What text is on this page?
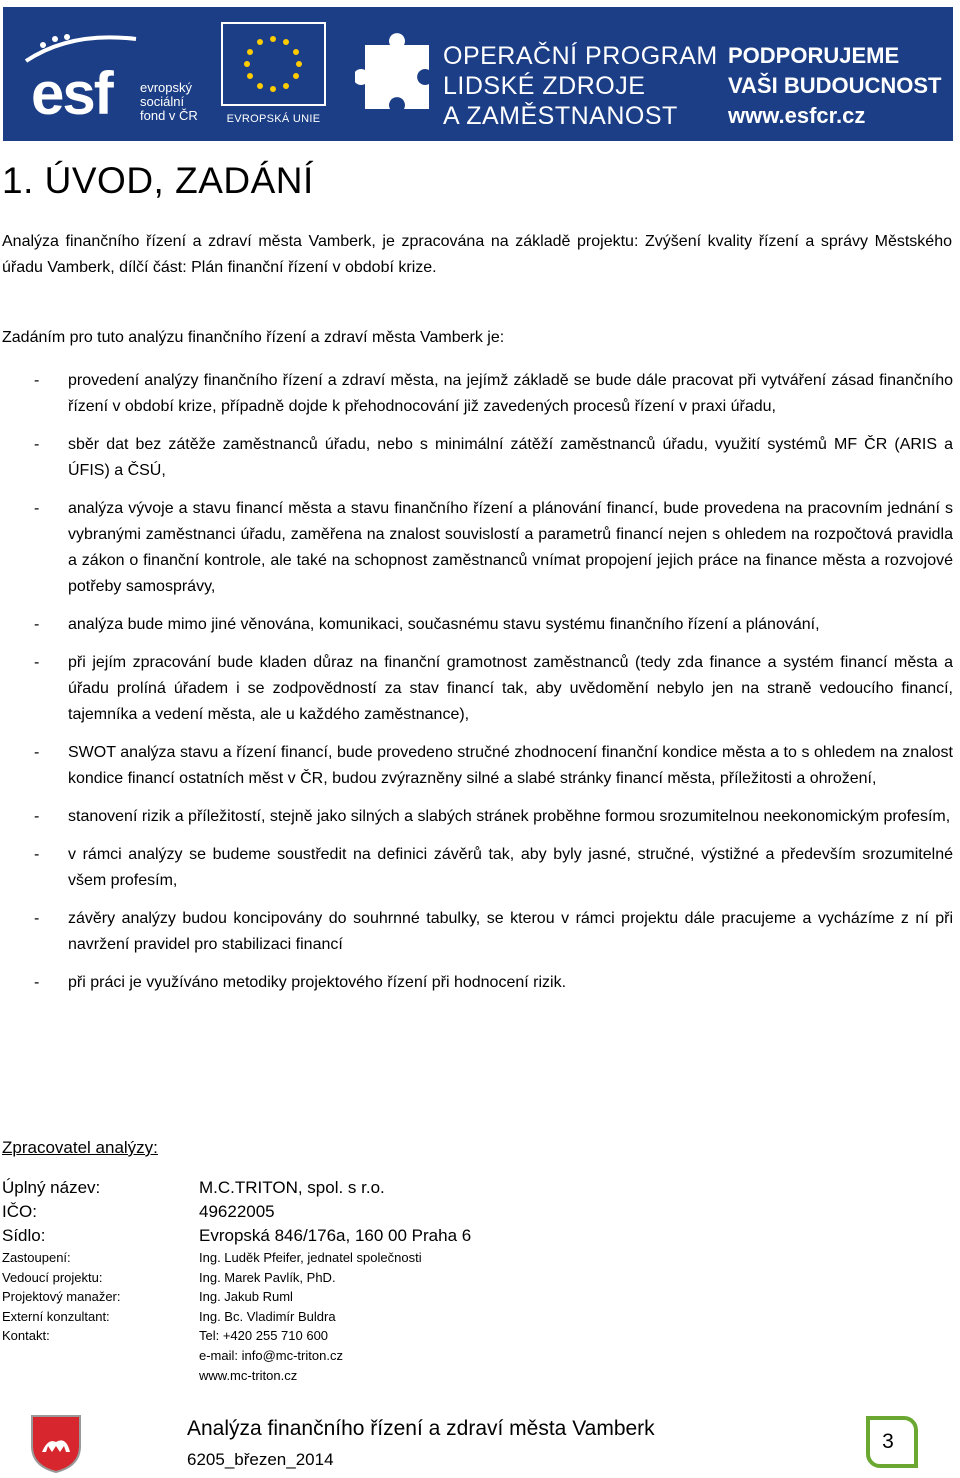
esf evropský
sociální
fond v ČR	EVROPSKÁ UNIE
OPERAČNÍ PROGRAM
LIDSKÉ ZDROJE
A ZAMĚSTNANOST
PODPORUJEME
VAŠI BUDOUCNOST
www.esfcr.cz
1. ÚVOD, ZADÁNÍ

Analýza finančního řízení a zdraví města Vamberk, je zpracována na základě projektu: Zvýšení kvality řízení a správy Městského úřadu Vamberk, dílčí část: Plán finanční řízení v období krize.

Zadáním pro tuto analýzu finančního řízení a zdraví města Vamberk je:
- provedení analýzy finančního řízení a zdraví města, na jejímž základě se bude dále pracovat při vytváření zásad finančního řízení v období krize, případně dojde k přehodnocování již zavedených procesů řízení v praxi úřadu,
- sběr dat bez zátěže zaměstnanců úřadu, nebo s minimální zátěží zaměstnanců úřadu, využití systémů MF ČR (ARIS a ÚFIS) a ČSÚ,
- analýza vývoje a stavu financí města a stavu finančního řízení a plánování financí, bude provedena na pracovním jednání s vybranými zaměstnanci úřadu, zaměřena na znalost souvislostí a parametrů financí nejen s ohledem na rozpočtová pravidla a zákon o finanční kontrole, ale také na schopnost zaměstnanců vnímat propojení jejich práce na finance města a rozvojové potřeby samosprávy,
- analýza bude mimo jiné věnována, komunikaci, současnému stavu systému finančního řízení a plánování,
- při jejím zpracování bude kladen důraz na finanční gramotnost zaměstnanců (tedy zda finance a systém financí města a úřadu prolíná úřadem i se zodpovědností za stav financí tak, aby uvědomění nebylo jen na straně vedoucího financí, tajemníka a vedení města, ale u každého zaměstnance),
- SWOT analýza stavu a řízení financí, bude provedeno stručné zhodnocení finanční kondice města a to s ohledem na znalost kondice financí ostatních měst v ČR, budou zvýrazněny silné a slabé stránky financí města, příležitosti a ohrožení,
- stanovení rizik a příležitostí, stejně jako silných a slabých stránek proběhne formou srozumitelnou neekonomickým profesím,
- v rámci analýzy se budeme soustředit na definici závěrů tak, aby byly jasné, stručné, výstižné a především srozumitelné všem profesím,
- závěry analýzy budou koncipovány do souhrnné tabulky, se kterou v rámci projektu dále pracujeme a vycházíme z ní při navržení pravidel pro stabilizaci financí
- při práci je využíváno metodiky projektového řízení při hodnocení rizik.
Zpracovatel analýzy:
Úplný název:	M.C.TRITON, spol. s r.o.
IČO:	49622005
Sídlo:	Evropská 846/176a, 160 00 Praha 6
Zastoupení:	Ing. Luděk Pfeifer, jednatel společnosti
Vedoucí projektu:	Ing. Marek Pavlík, PhD.
Projektový manažer:	Ing. Jakub Ruml
Externí konzultant:	Ing. Bc. Vladimír Buldra
Kontakt:	Tel: +420 255 710 600
	e-mail: info@mc-triton.cz
	www.mc-triton.cz
Analýza finančního řízení a zdraví města Vamberk
6205_březen_2014
3
